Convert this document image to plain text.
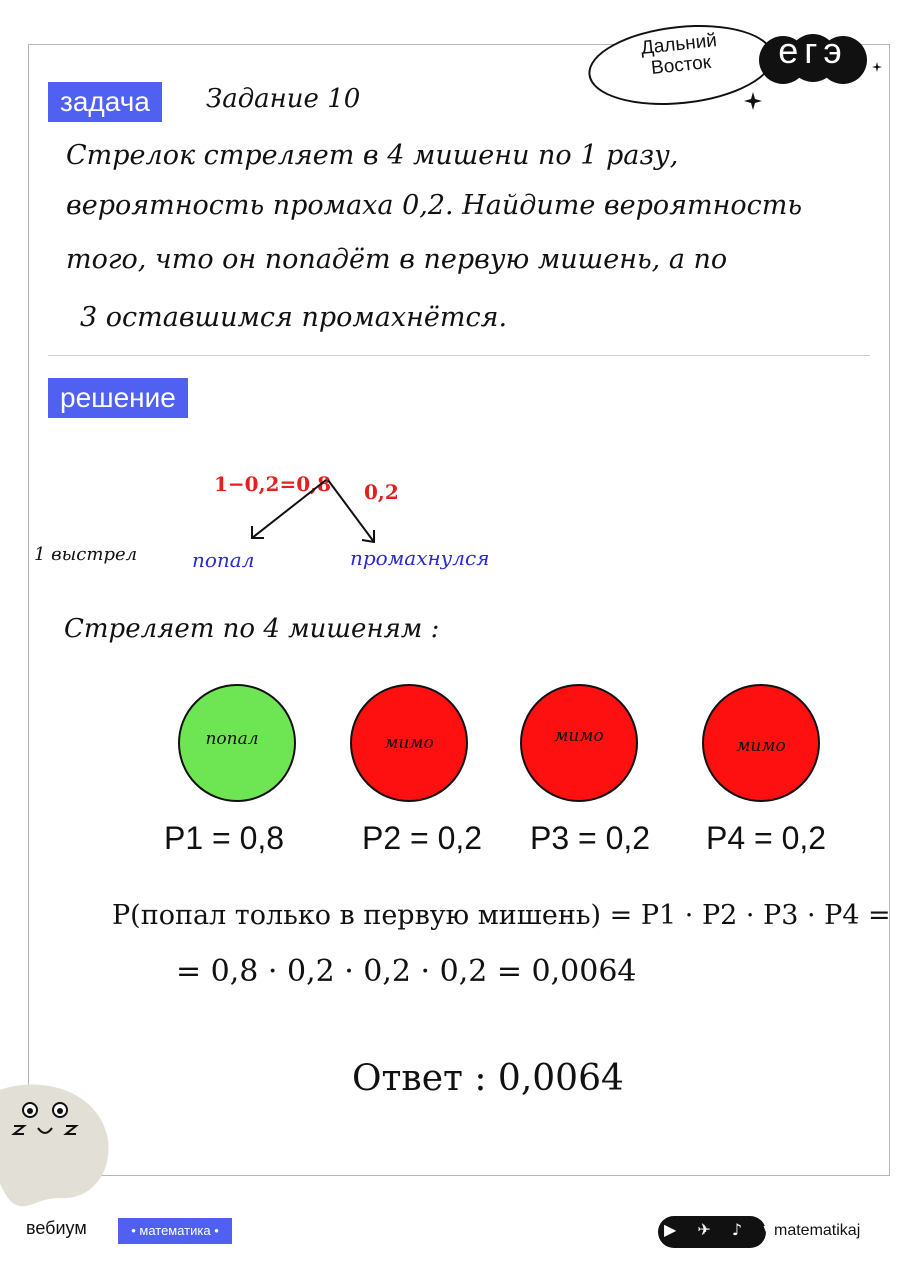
Дальний
Восток	егэ
задача	Задание 10
Стрелок стреляет в 4 мишени по 1 разу,
вероятность промаха 0,2. Найдите вероятность
того, что он попадёт в первую мишень, а по
3 оставшимся промахнётся.
решение
1−0,2=0,8 0,2
1 выстрел	попал	промахнулся
Стреляет по 4 мишеням :
попал	мимо	мимо	мимо
P1 = 0,8 P2 = 0,2 P3 = 0,2 P4 = 0,2
P(попал только в первую мишень) = P1 · P2 · P3 · P4 =
= 0,8 · 0,2 · 0,2 · 0,2 = 0,0064
Ответ : 0,0064
вебиум	• математика •	▶ ✈ ♪ vk
matematikaj
